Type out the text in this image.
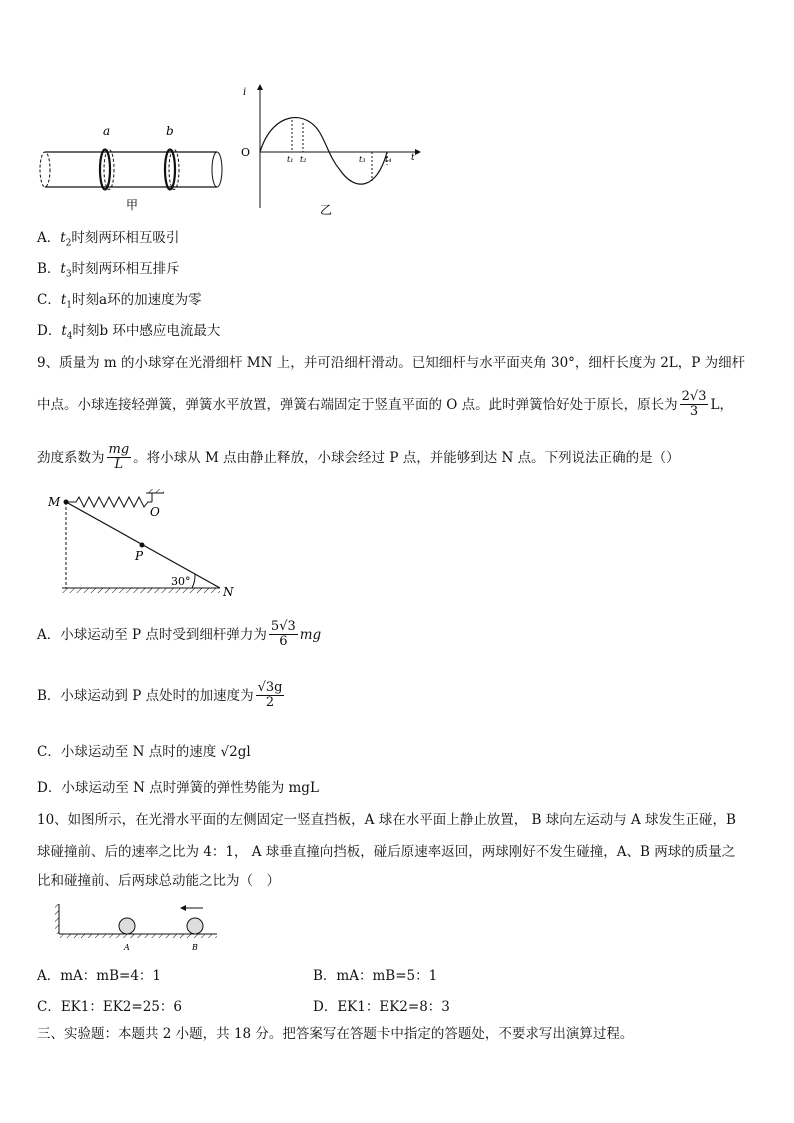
a	b
甲
i
t
O
t₁ t₂	t₃ t₄
乙
A．$t_2$时刻两环相互吸引
B．$t_3$时刻两环相互排斥
C．$t_1$时刻a环的加速度为零
D．$t_4$时刻b 环中感应电流最大
9、质量为 m 的小球穿在光滑细杆 MN 上，并可沿细杆滑动。已知细杆与水平面夹角 30°，细杆长度为 2L，P 为细杆
中点。小球连接轻弹簧，弹簧水平放置，弹簧右端固定于竖直平面的 O 点。此时弹簧恰好处于原长，原长为 $\frac{2√3}{3}$ L，
劲度系数为 $\frac{mg}{L}$ 。将小球从 M 点由静止释放，小球会经过 P 点，并能够到达 N 点。下列说法正确的是（）
M
O
P
N
30°
A．小球运动至 P 点时受到细杆弹力为 $\frac{5√3}{6}$ mg
B．小球运动到 P 点处时的加速度为 $\frac{√3g}{2}$
C．小球运动至 N 点时的速度 √2gl
D．小球运动至 N 点时弹簧的弹性势能为 mgL
10、如图所示，在光滑水平面的左侧固定一竖直挡板，A 球在水平面上静止放置， B 球向左运动与 A 球发生正碰，B
球碰撞前、后的速率之比为 4：1， A 球垂直撞向挡板，碰后原速率返回，两球刚好不发生碰撞，A、B 两球的质量之
比和碰撞前、后两球总动能之比为（　）
A	B
A．mA：mB=4：1	B．mA：mB=5：1
C．EK1：EK2=25：6	D．EK1：EK2=8：3
三、实验题：本题共 2 小题，共 18 分。把答案写在答题卡中指定的答题处，不要求写出演算过程。
